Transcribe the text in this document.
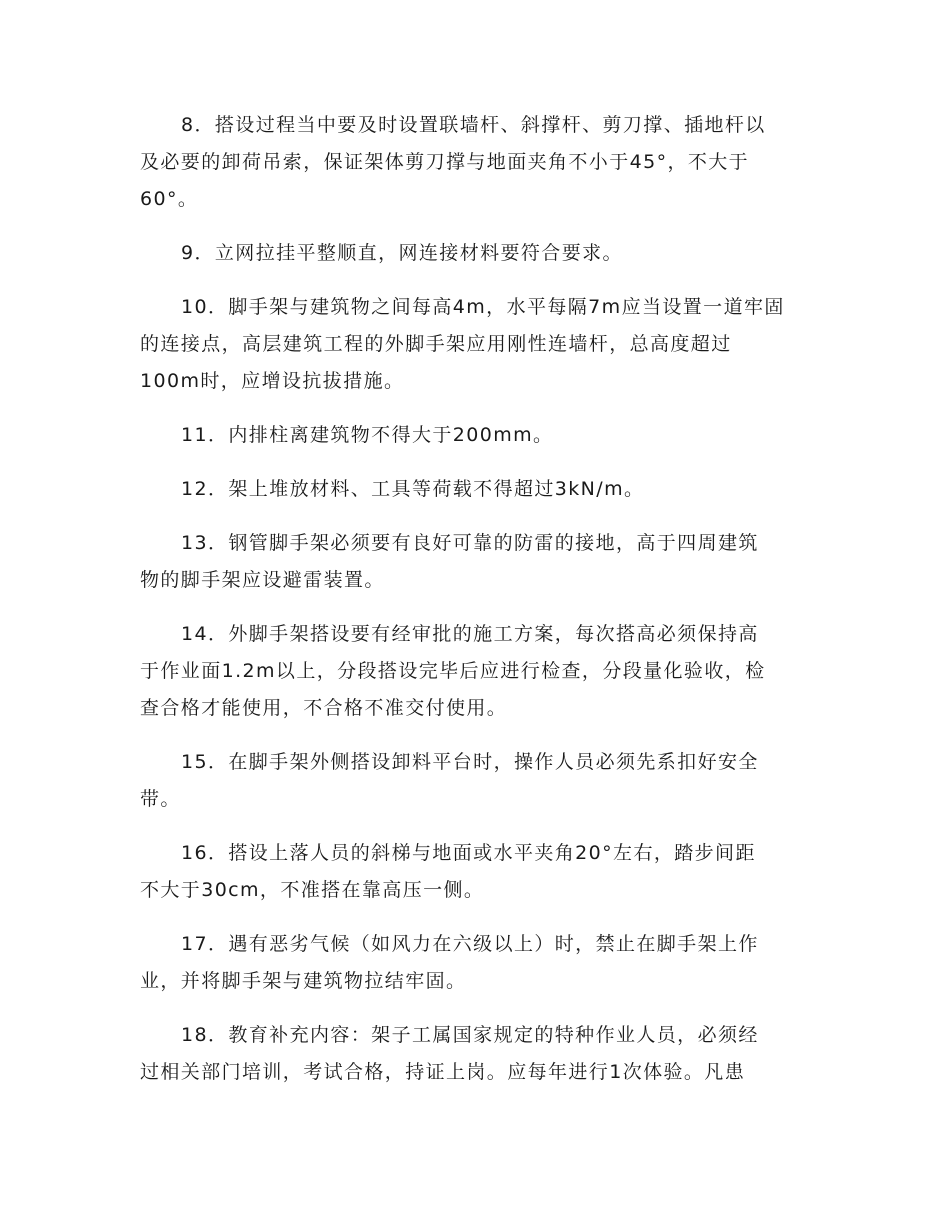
8．搭设过程当中要及时设置联墙杆、斜撑杆、剪刀撑、插地杆以
及必要的卸荷吊索，保证架体剪刀撑与地面夹角不小于45°，不大于
60°。

9．立网拉挂平整顺直，网连接材料要符合要求。

10．脚手架与建筑物之间每高4m，水平每隔7m应当设置一道牢固
的连接点，高层建筑工程的外脚手架应用刚性连墙杆，总高度超过
100m时，应增设抗拔措施。

11．内排柱离建筑物不得大于200mm。

12．架上堆放材料、工具等荷载不得超过3kN/m。

13．钢管脚手架必须要有良好可靠的防雷的接地，高于四周建筑
物的脚手架应设避雷装置。

14．外脚手架搭设要有经审批的施工方案，每次搭高必须保持高
于作业面1.2m以上，分段搭设完毕后应进行检查，分段量化验收，检
查合格才能使用，不合格不准交付使用。

15．在脚手架外侧搭设卸料平台时，操作人员必须先系扣好安全
带。

16．搭设上落人员的斜梯与地面或水平夹角20°左右，踏步间距
不大于30cm，不准搭在靠高压一侧。

17．遇有恶劣气候（如风力在六级以上）时，禁止在脚手架上作
业，并将脚手架与建筑物拉结牢固。

18．教育补充内容：架子工属国家规定的特种作业人员，必须经
过相关部门培训，考试合格，持证上岗。应每年进行1次体验。凡患
